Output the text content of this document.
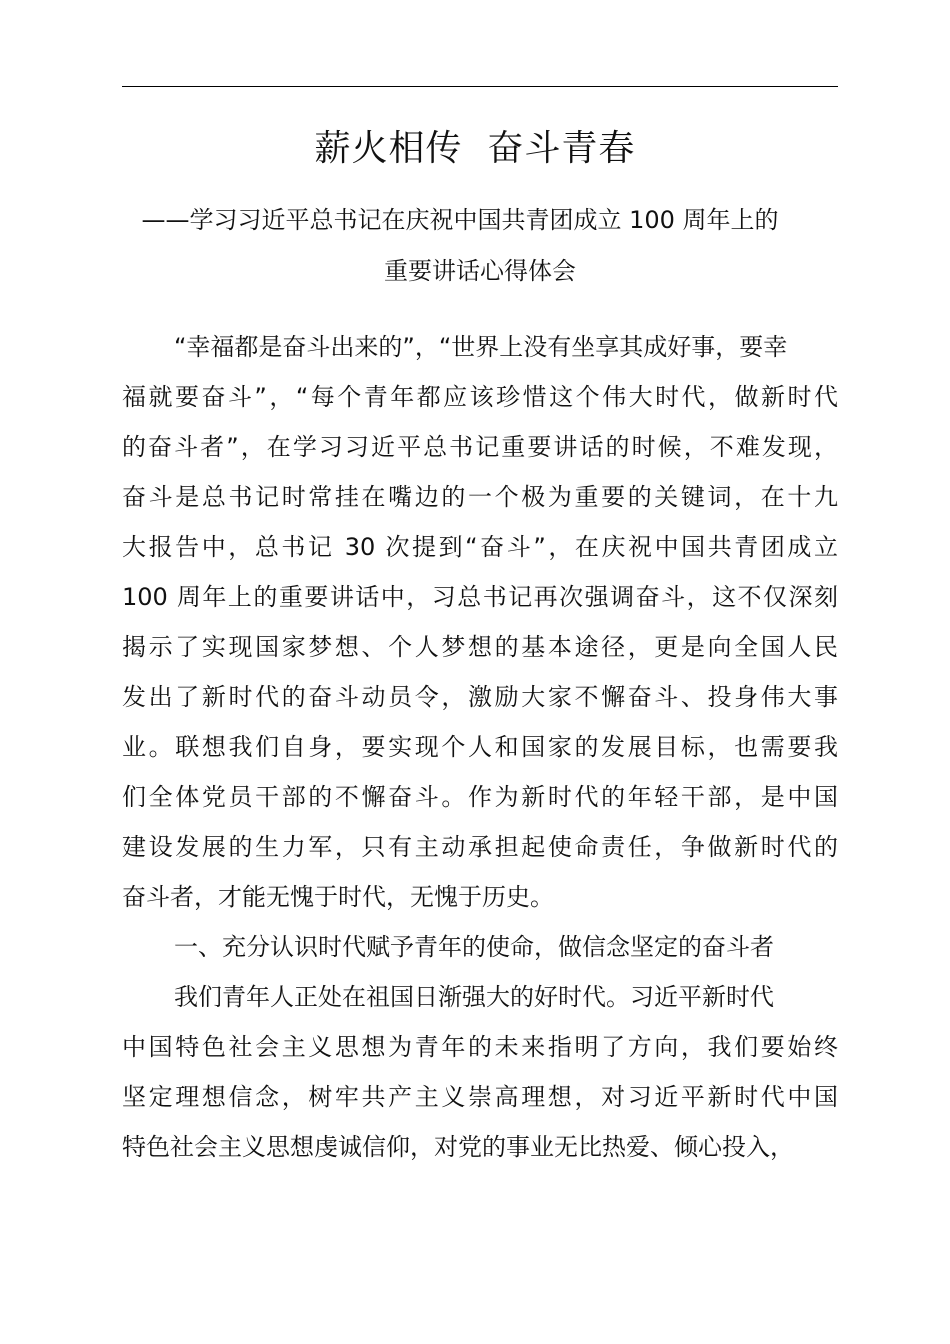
薪火相传  奋斗青春
——学习习近平总书记在庆祝中国共青团成立 100 周年上的
重要讲话心得体会
“幸福都是奋斗出来的”，“世界上没有坐享其成好事，要幸
福就要奋斗”，“每个青年都应该珍惜这个伟大时代，做新时代
的奋斗者”，在学习习近平总书记重要讲话的时候，不难发现，
奋斗是总书记时常挂在嘴边的一个极为重要的关键词，在十九
大报告中，总书记 30 次提到“奋斗”，在庆祝中国共青团成立
100 周年上的重要讲话中，习总书记再次强调奋斗，这不仅深刻
揭示了实现国家梦想、个人梦想的基本途径，更是向全国人民
发出了新时代的奋斗动员令，激励大家不懈奋斗、投身伟大事
业。联想我们自身，要实现个人和国家的发展目标，也需要我
们全体党员干部的不懈奋斗。作为新时代的年轻干部，是中国
建设发展的生力军，只有主动承担起使命责任，争做新时代的
奋斗者，才能无愧于时代，无愧于历史。
一、充分认识时代赋予青年的使命，做信念坚定的奋斗者
我们青年人正处在祖国日渐强大的好时代。习近平新时代
中国特色社会主义思想为青年的未来指明了方向，我们要始终
坚定理想信念，树牢共产主义崇高理想，对习近平新时代中国
特色社会主义思想虔诚信仰，对党的事业无比热爱、倾心投入，
